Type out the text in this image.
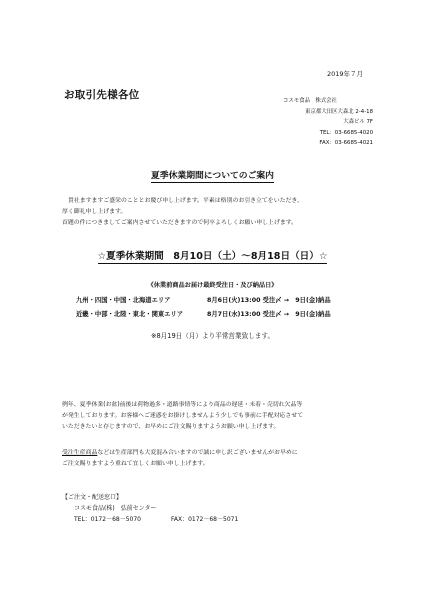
2019年７月
お取引先様各位	コスモ食品　株式会社
東京都大田区大森北 2-4-18
大森ビル 7F
TEL：03-6685-4020
FAX：03-6685-4021
夏季休業期間についてのご案内
貴社ますますご盛栄のこととお慶び申し上げます。平素は格別のお引き立てをいただき、
厚く御礼申し上げます。
首題の件につきましてご案内させていただきますので何卒よろしくお願い申し上げます。
☆夏季休業期間　8月10日（土）～8月18日（日）☆
《休業前商品お届け最終受注日・及び納品日》
九州・四国・中国・北海道エリア	8月6日(火)13:00 受注〆 →　9日(金)納品
近畿・中部・北陸・東北・関東エリア	8月7日(水)13:00 受注〆 →　9日(金)納品
※8月19日（月）より平常営業致します。
例年、夏季休業(お盆)前後は荷物過多・道路事情等により商品の遅延・未着・売切れ欠品等
が発生しております。お客様へご迷惑をお掛けしませんよう少しでも事前に手配対応させて
いただきたいと存じますので、お早めにご注文賜りますようお願い申し上げます。
受注生産商品などは生産部門も大変混み合いますので誠に申し訳ございませんがお早めに
ご注文賜りますよう重ねて宜しくお願い申し上げます。
【ご注文・配送窓口】
コスモ食品(株)　弘前センター
TEL：0172－68－5070	FAX：0172－68－5071
